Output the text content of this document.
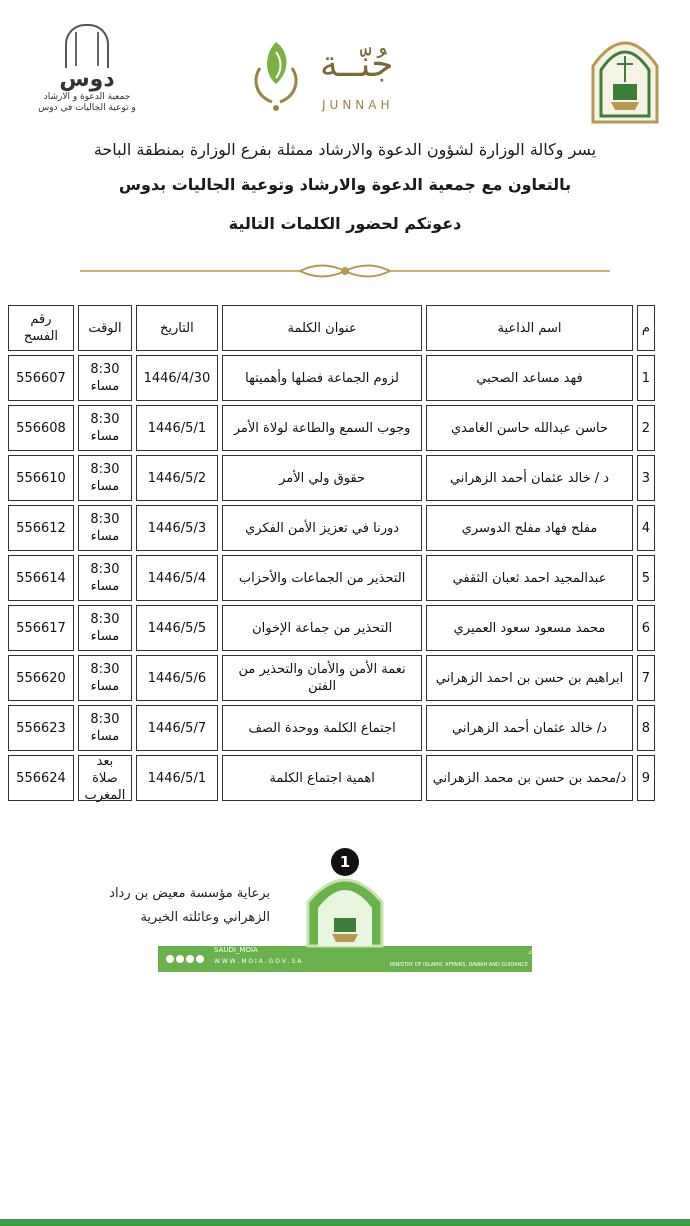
دوس
جمعية الدعوة و الارشاد
و توعية الجاليات في دوس
جُنّــة
JUNNAH
يسر وكالة الوزارة لشؤون الدعوة والارشاد ممثلة بفرع الوزارة بمنطقة الباحة
بالتعاون مع جمعية الدعوة والارشاد وتوعية الجاليات بدوس
دعوتكم لحضور الكلمات التالية
م	اسم الداعية	عنوان الكلمة	التاريخ	الوقت	رقم الفسح

1	فهد مساعد الصحبي	لزوم الجماعة فضلها وأهميتها	1446/4/30	8:30 مساء	556607

2	حاسن عبدالله حاسن الغامدي	وجوب السمع والطاعة لولاة الأمر	1446/5/1	8:30 مساء	556608

3	د / خالد عثمان أحمد الزهراني	حقوق ولي الأمر	1446/5/2	8:30 مساء	556610

4	مفلح فهاد مفلح الدوسري	دورنا في تعزيز الأمن الفكري	1446/5/3	8:30 مساء	556612

5	عبدالمجيد احمد ثعبان الثقفي	التحذير من الجماعات والأحزاب	1446/5/4	8:30 مساء	556614

6	محمد مسعود سعود العميري	التحذير من جماعة الإخوان	1446/5/5	8:30 مساء	556617

7	ابراهيم بن حسن بن احمد الزهراني	نعمة الأمن والأمان والتحذير من الفتن	1446/5/6	8:30 مساء	556620

8	د/ خالد عثمان أحمد الزهراني	اجتماع الكلمة ووحدة الصف	1446/5/7	8:30 مساء	556623

9	د/محمد بن حسن بن محمد الزهراني	اهمية اجتماع الكلمة	1446/5/1	بعد صلاة المغرب	556624
1
برعاية مؤسسة معيض بن رداد
الزهراني وعائلته الخيرية
SAUDI_MOIA
W W W . M O I A . G O V . S A
وزارة الشؤون الإسلامية والدعوة والإرشاد
MINISTRY OF ISLAMIC AFFAIRS, DAWAH AND GUIDANCE
